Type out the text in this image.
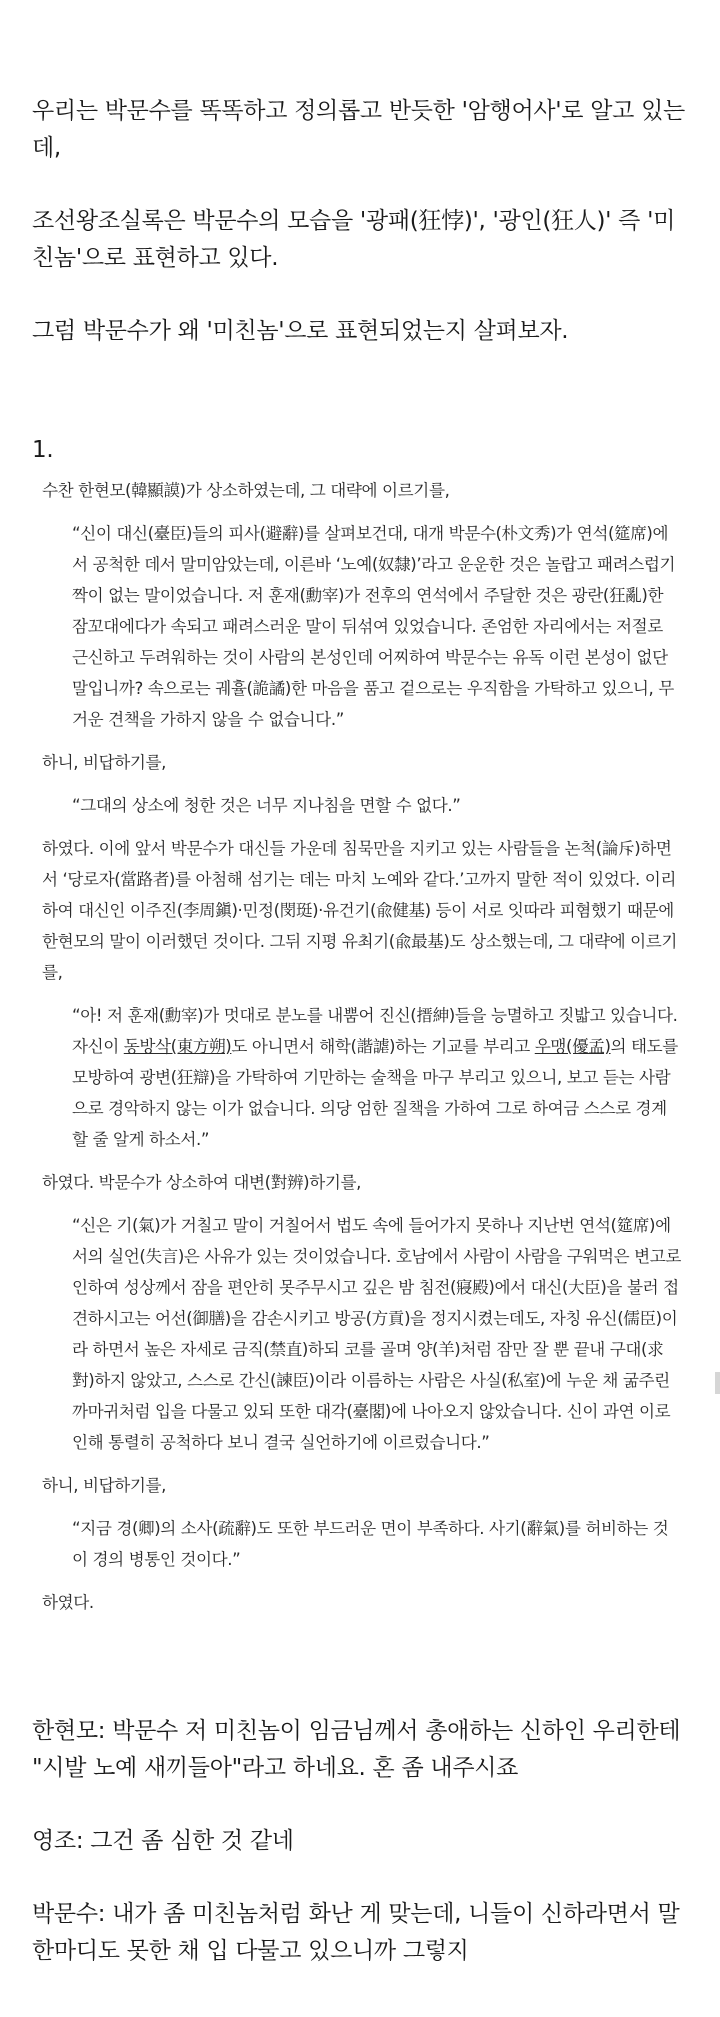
우리는 박문수를 똑똑하고 정의롭고 반듯한 '암행어사'로 알고 있는데,

조선왕조실록은 박문수의 모습을 '광패(狂悖)', '광인(狂人)' 즉 '미친놈'으로 표현하고 있다.

그럼 박문수가 왜 '미친놈'으로 표현되었는지 살펴보자.

1.

수찬 한현모(韓顯謨)가 상소하였는데, 그 대략에 이르기를,

“신이 대신(臺臣)들의 피사(避辭)를 살펴보건대, 대개 박문수(朴文秀)가 연석(筵席)에서 공척한 데서 말미암았는데, 이른바 ‘노예(奴隸)’라고 운운한 것은 놀랍고 패려스럽기 짝이 없는 말이었습니다. 저 훈재(勳宰)가 전후의 연석에서 주달한 것은 광란(狂亂)한 잠꼬대에다가 속되고 패려스러운 말이 뒤섞여 있었습니다. 존엄한 자리에서는 저절로 근신하고 두려워하는 것이 사람의 본성인데 어찌하여 박문수는 유독 이런 본성이 없단 말입니까? 속으로는 궤휼(詭譎)한 마음을 품고 겉으로는 우직함을 가탁하고 있으니, 무거운 견책을 가하지 않을 수 없습니다.”

하니, 비답하기를,

“그대의 상소에 청한 것은 너무 지나침을 면할 수 없다.”

하였다. 이에 앞서 박문수가 대신들 가운데 침묵만을 지키고 있는 사람들을 논척(論斥)하면서 ‘당로자(當路者)를 아첨해 섬기는 데는 마치 노예와 같다.’고까지 말한 적이 있었다. 이리하여 대신인 이주진(李周鎭)·민정(閔珽)·유건기(兪健基) 등이 서로 잇따라 피혐했기 때문에 한현모의 말이 이러했던 것이다. 그뒤 지평 유최기(兪最基)도 상소했는데, 그 대략에 이르기를,

“아! 저 훈재(勳宰)가 멋대로 분노를 내뿜어 진신(搢紳)들을 능멸하고 짓밟고 있습니다. 자신이 동방삭(東方朔)도 아니면서 해학(諧謔)하는 기교를 부리고 우맹(優孟)의 태도를 모방하여 광변(狂辯)을 가탁하여 기만하는 술책을 마구 부리고 있으니, 보고 듣는 사람으로 경악하지 않는 이가 없습니다. 의당 엄한 질책을 가하여 그로 하여금 스스로 경계할 줄 알게 하소서.”

하였다. 박문수가 상소하여 대변(對辨)하기를,

“신은 기(氣)가 거칠고 말이 거칠어서 법도 속에 들어가지 못하나 지난번 연석(筵席)에서의 실언(失言)은 사유가 있는 것이었습니다. 호남에서 사람이 사람을 구워먹은 변고로 인하여 성상께서 잠을 편안히 못주무시고 깊은 밤 침전(寢殿)에서 대신(大臣)을 불러 접견하시고는 어선(御膳)을 감손시키고 방공(方貢)을 정지시켰는데도, 자칭 유신(儒臣)이라 하면서 높은 자세로 금직(禁直)하되 코를 골며 양(羊)처럼 잠만 잘 뿐 끝내 구대(求對)하지 않았고, 스스로 간신(諫臣)이라 이름하는 사람은 사실(私室)에 누운 채 굶주린 까마귀처럼 입을 다물고 있되 또한 대각(臺閣)에 나아오지 않았습니다. 신이 과연 이로 인해 통렬히 공척하다 보니 결국 실언하기에 이르렀습니다.”

하니, 비답하기를,

“지금 경(卿)의 소사(疏辭)도 또한 부드러운 면이 부족하다. 사기(辭氣)를 허비하는 것이 경의 병통인 것이다.”

하였다.

한현모: 박문수 저 미친놈이 임금님께서 총애하는 신하인 우리한테 "시발 노예 새끼들아"라고 하네요. 혼 좀 내주시죠

영조: 그건 좀 심한 것 같네

박문수: 내가 좀 미친놈처럼 화난 게 맞는데, 니들이 신하라면서 말 한마디도 못한 채 입 다물고 있으니까 그렇지
